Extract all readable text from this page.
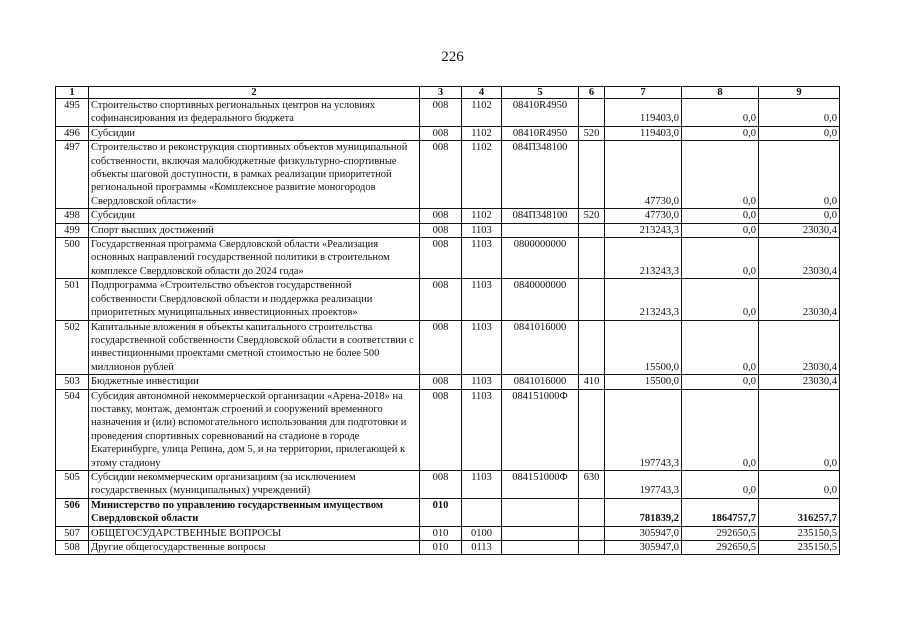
226
1	2	3	4	5	6	7	8	9
495	Строительство спортивных региональных центров на условиях софинансирования из федерального бюджета	008	1102	08410R4950		119403,0	0,0	0,0
496	Субсидии	008	1102	08410R4950	520	119403,0	0,0	0,0
497	Строительство и реконструкция спортивных объектов муниципальной собственности, включая малобюджетные физкультурно-спортивные объекты шаговой доступности, в рамках реализации приоритетной региональной программы «Комплексное развитие моногородов Свердловской области»	008	1102	084П348100		47730,0	0,0	0,0
498	Субсидии	008	1102	084П348100	520	47730,0	0,0	0,0
499	Спорт высших достижений	008	1103			213243,3	0,0	23030,4
500	Государственная программа Свердловской области «Реализация основных направлений государственной политики в строительном комплексе Свердловской области до 2024 года»	008	1103	0800000000		213243,3	0,0	23030,4
501	Подпрограмма «Строительство объектов государственной собственности Свердловской области и поддержка реализации приоритетных муниципальных инвестиционных проектов»	008	1103	0840000000		213243,3	0,0	23030,4
502	Капитальные вложения в объекты капитального строительства государственной собственности Свердловской области в соответствии с инвестиционными проектами сметной стоимостью не более 500 миллионов рублей	008	1103	0841016000		15500,0	0,0	23030,4
503	Бюджетные инвестиции	008	1103	0841016000	410	15500,0	0,0	23030,4
504	Субсидия автономной некоммерческой организации «Арена-2018» на поставку, монтаж, демонтаж строений и сооружений временного назначения и (или) вспомогательного использования для подготовки и проведения спортивных соревнований на стадионе в городе Екатеринбурге, улица Репина, дом 5, и на территории, прилегающей к этому стадиону	008	1103	084151000Ф		197743,3	0,0	0,0
505	Субсидии некоммерческим организациям (за исключением государственных (муниципальных) учреждений)	008	1103	084151000Ф	630	197743,3	0,0	0,0
506	Министерство по управлению государственным имуществом Свердловской области	010				781839,2	1864757,7	316257,7
507	ОБЩЕГОСУДАРСТВЕННЫЕ ВОПРОСЫ	010	0100			305947,0	292650,5	235150,5
508	Другие общегосударственные вопросы	010	0113			305947,0	292650,5	235150,5
